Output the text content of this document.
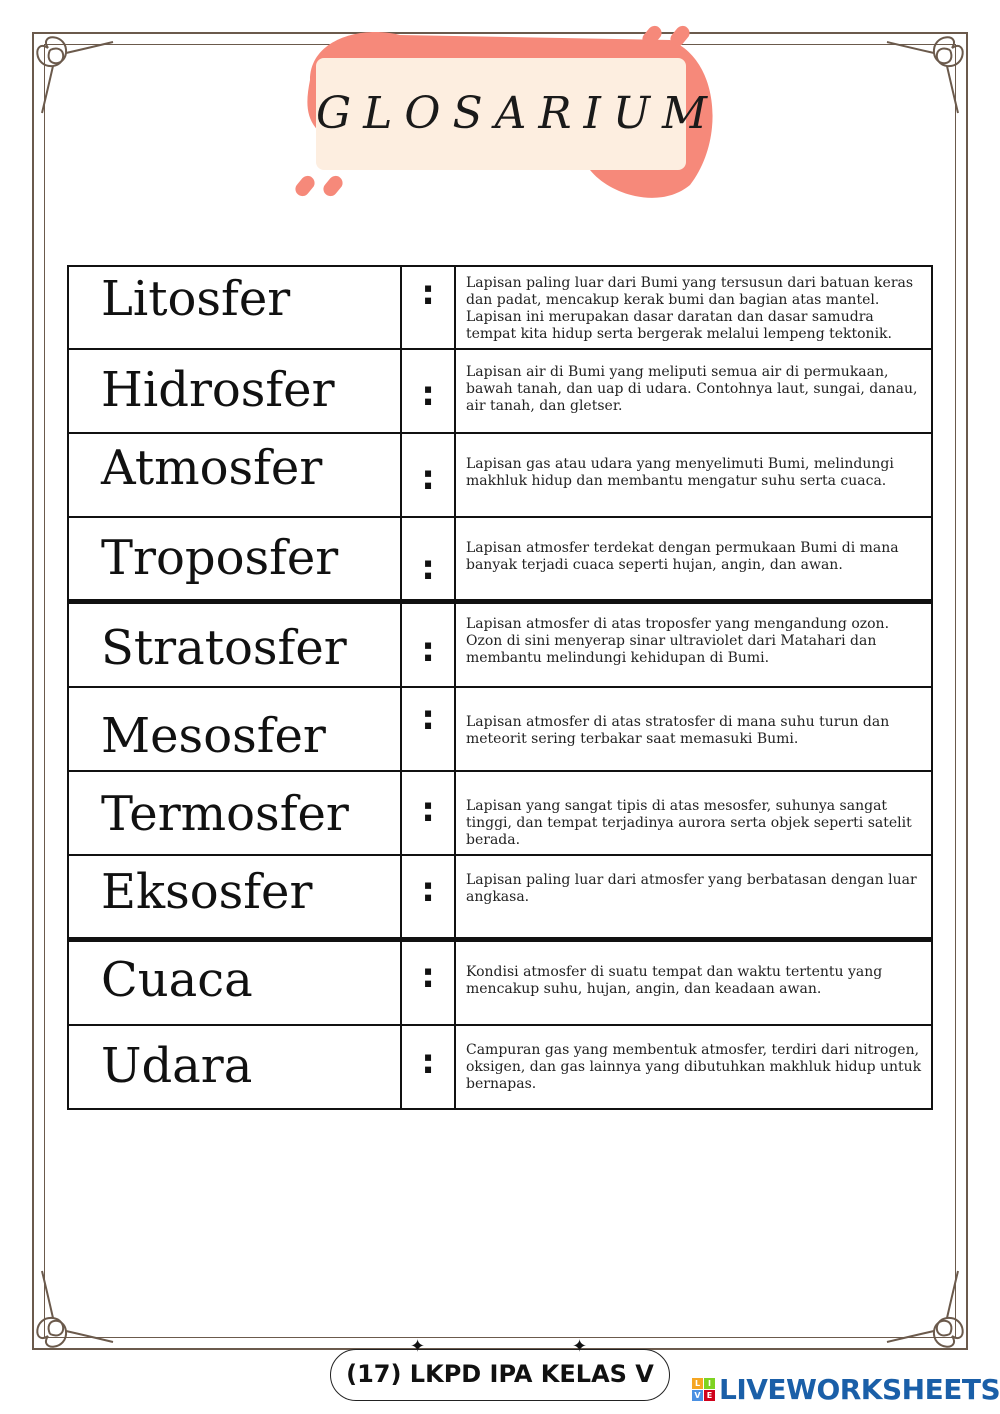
GLOSARIUM
Litosfer	:	Lapisan paling luar dari Bumi yang tersusun dari batuan keras dan padat, mencakup kerak bumi dan bagian atas mantel. Lapisan ini merupakan dasar daratan dan dasar samudra tempat kita hidup serta bergerak melalui lempeng tektonik.
Hidrosfer	:	Lapisan air di Bumi yang meliputi semua air di permukaan, bawah tanah, dan uap di udara. Contohnya laut, sungai, danau, air tanah, dan gletser.
Atmosfer	:	Lapisan gas atau udara yang menyelimuti Bumi, melindungi makhluk hidup dan membantu mengatur suhu serta cuaca.
Troposfer	:	Lapisan atmosfer terdekat dengan permukaan Bumi di mana banyak terjadi cuaca seperti hujan, angin, dan awan.
Stratosfer	:	Lapisan atmosfer di atas troposfer yang mengandung ozon. Ozon di sini menyerap sinar ultraviolet dari Matahari dan membantu melindungi kehidupan di Bumi.
Mesosfer	:	Lapisan atmosfer di atas stratosfer di mana suhu turun dan meteorit sering terbakar saat memasuki Bumi.
Termosfer	:	Lapisan yang sangat tipis di atas mesosfer, suhunya sangat tinggi, dan tempat terjadinya aurora serta objek seperti satelit berada.
Eksosfer	:	Lapisan paling luar dari atmosfer yang berbatasan dengan luar angkasa.
Cuaca	:	Kondisi atmosfer di suatu tempat dan waktu tertentu yang mencakup suhu, hujan, angin, dan keadaan awan.
Udara	:	Campuran gas yang membentuk atmosfer, terdiri dari nitrogen, oksigen, dan gas lainnya yang dibutuhkan makhluk hidup untuk bernapas.
✦	✦
(17) LKPD IPA KELAS V	L I
V E LIVEWORKSHEETS
